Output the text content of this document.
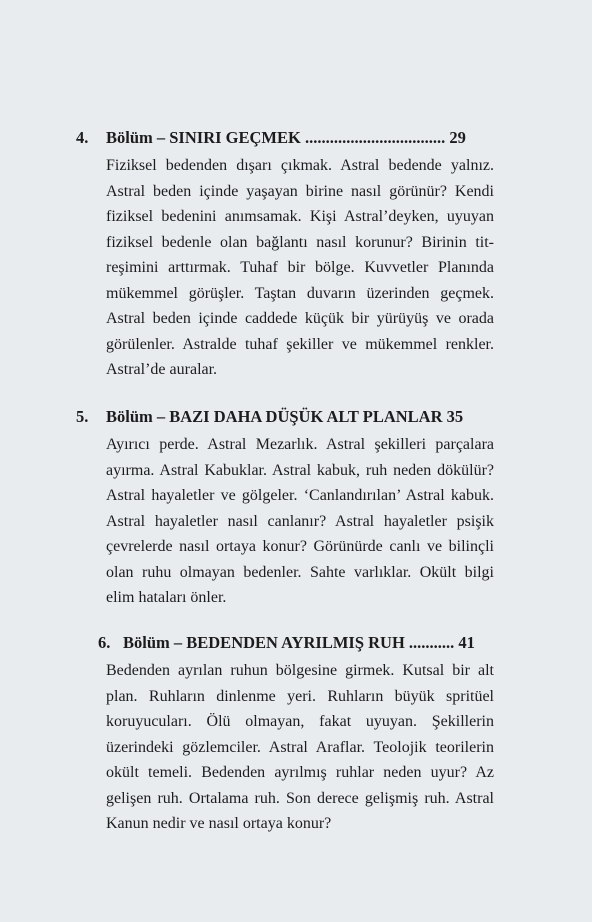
4. Bölüm – SINIRI GEÇMEK .................................. 29
Fiziksel bedenden dışarı çıkmak. Astral bedende yalnız. Astral beden içinde yaşayan birine nasıl görünür? Kendi fiziksel bedenini anımsamak. Kişi Astral’deyken, uyuyan fiziksel bedenle olan bağlantı nasıl korunur? Birinin titreşimini arttırmak. Tuhaf bir bölge. Kuvvetler Planında mükemmel görüşler. Taştan duvarın üzerinden geçmek. Astral beden içinde caddede küçük bir yürüyüş ve orada görülenler. Astralde tuhaf şekiller ve mükemmel renkler. Astral’de auralar.
5. Bölüm – BAZI DAHA DÜŞÜK ALT PLANLAR 35
Ayırıcı perde. Astral Mezarlık. Astral şekilleri parçalara ayırma. Astral Kabuklar. Astral kabuk, ruh neden dökülür? Astral hayaletler ve gölgeler. ‘Canlandırılan’ Astral kabuk. Astral hayaletler nasıl canlanır? Astral hayaletler psişik çevrelerde nasıl ortaya konur? Görünürde canlı ve bilinçli olan ruhu olmayan bedenler. Sahte varlıklar. Okült bilgi elim hataları önler.
6. Bölüm – BEDENDEN AYRILMIŞ RUH ........... 41
Bedenden ayrılan ruhun bölgesine girmek. Kutsal bir alt plan. Ruhların dinlenme yeri. Ruhların büyük spritüel koruyucuları. Ölü olmayan, fakat uyuyan. Şekillerin üzerindeki gözlemciler. Astral Araflar. Teolojik teorilerin okült temeli. Bedenden ayrılmış ruhlar neden uyur? Az gelişen ruh. Ortalama ruh. Son derece gelişmiş ruh. Astral Kanun nedir ve nasıl ortaya konur?
